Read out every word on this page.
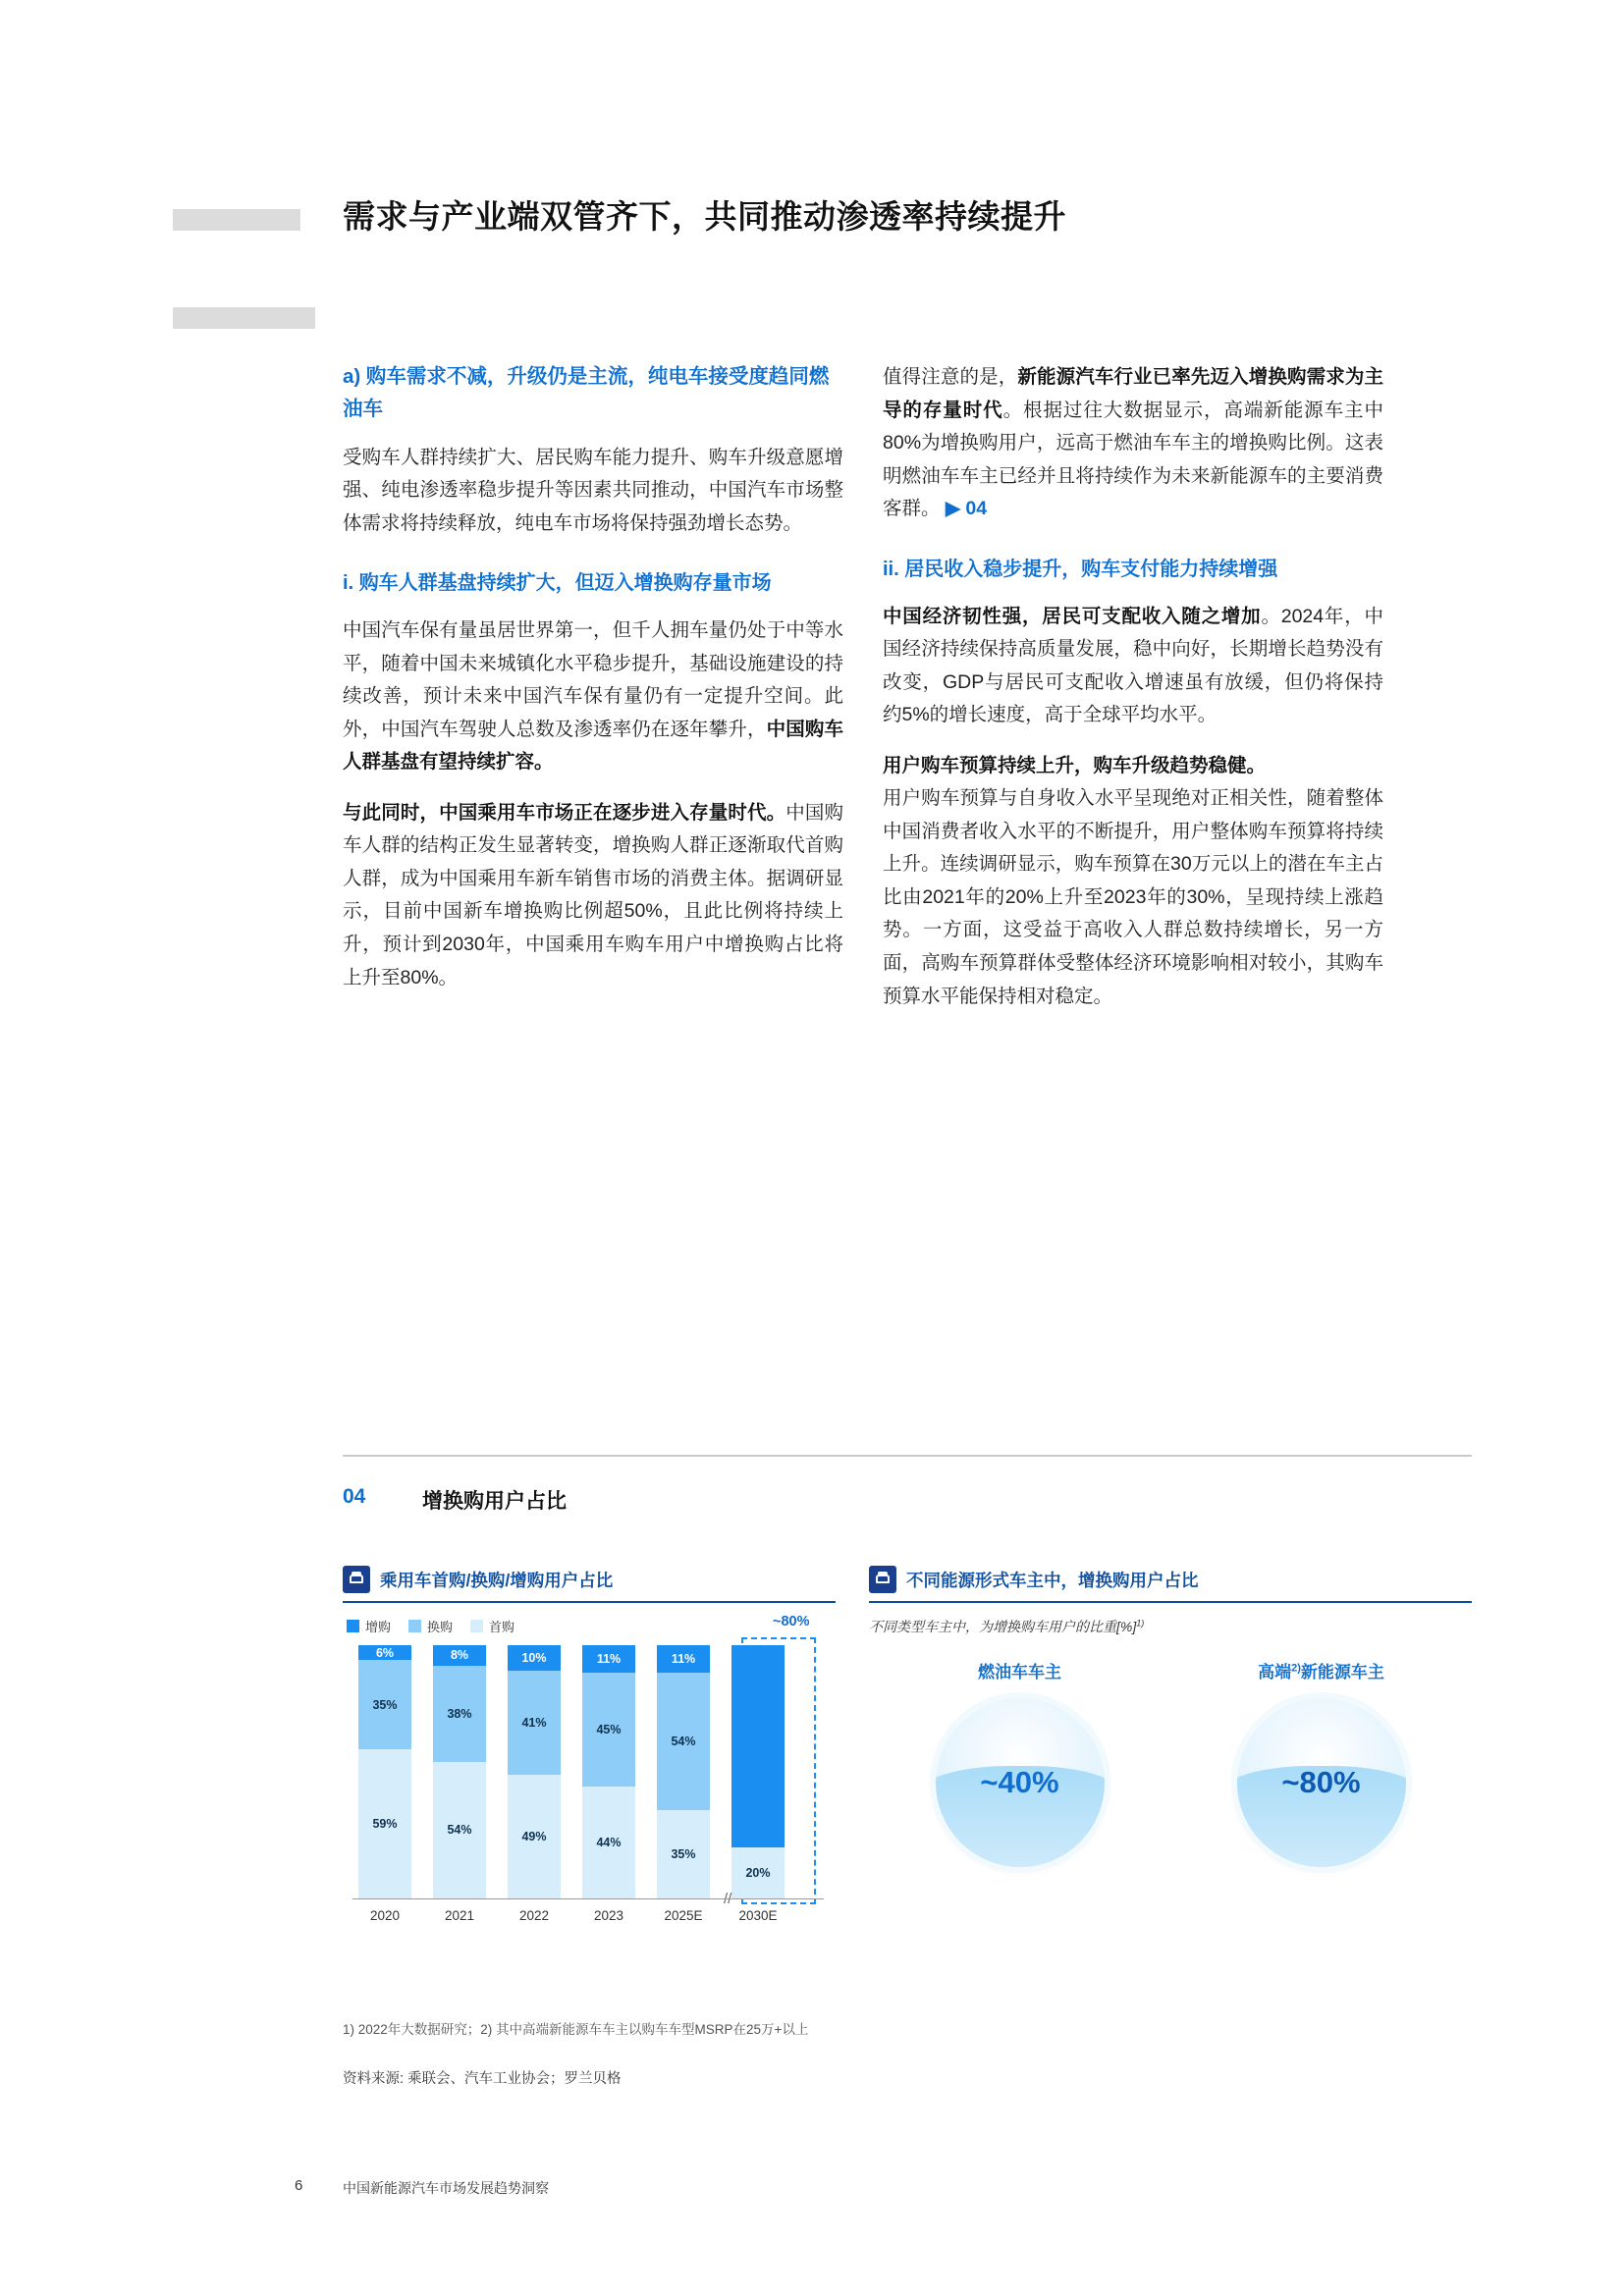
需求与产业端双管齐下，共同推动渗透率持续提升
a) 购车需求不减，升级仍是主流，纯电车接受度趋同燃油车

受购车人群持续扩大、居民购车能力提升、购车升级意愿增强、纯电渗透率稳步提升等因素共同推动，中国汽车市场整体需求将持续释放，纯电车市场将保持强劲增长态势。

i. 购车人群基盘持续扩大，但迈入增换购存量市场

中国汽车保有量虽居世界第一，但千人拥车量仍处于中等水平，随着中国未来城镇化水平稳步提升，基础设施建设的持续改善，预计未来中国汽车保有量仍有一定提升空间。此外，中国汽车驾驶人总数及渗透率仍在逐年攀升，中国购车人群基盘有望持续扩容。

与此同时，中国乘用车市场正在逐步进入存量时代。中国购车人群的结构正发生显著转变，增换购人群正逐渐取代首购人群，成为中国乘用车新车销售市场的消费主体。据调研显示，目前中国新车增换购比例超50%，且此比例将持续上升，预计到2030年，中国乘用车购车用户中增换购占比将上升至80%。

值得注意的是，新能源汽车行业已率先迈入增换购需求为主导的存量时代。根据过往大数据显示，高端新能源车主中80%为增换购用户，远高于燃油车车主的增换购比例。这表明燃油车车主已经并且将持续作为未来新能源车的主要消费客群。 ▶ 04

ii. 居民收入稳步提升，购车支付能力持续增强

中国经济韧性强，居民可支配收入随之增加。2024年，中国经济持续保持高质量发展，稳中向好，长期增长趋势没有改变，GDP与居民可支配收入增速虽有放缓，但仍将保持约5%的增长速度，高于全球平均水平。

用户购车预算持续上升，购车升级趋势稳健。
用户购车预算与自身收入水平呈现绝对正相关性，随着整体中国消费者收入水平的不断提升，用户整体购车预算将持续上升。连续调研显示，购车预算在30万元以上的潜在车主占比由2021年的20%上升至2023年的30%，呈现持续上涨趋势。一方面，这受益于高收入人群总数持续增长，另一方面，高购车预算群体受整体经济环境影响相对较小，其购车预算水平能保持相对稳定。

04	增换购用户占比
乘用车首购/换购/增购用户占比
增购	换购	首购	~80%
6%
35%
59%
8%
38%
54%
10%
41%
49%
11%
45%
44%
11%
54%
35%
20%
2020	2021	2022	2023	2025E	2030E
不同能源形式车主中，增换购用户占比
不同类型车主中，为增换购车用户的比重[%]$^{1)}$
燃油车车主
~40%
高端$^{2)}$新能源车主
~80%
1) 2022年大数据研究；2) 其中高端新能源车车主以购车车型MSRP在25万+以上
资料来源: 乘联会、汽车工业协会；罗兰贝格
6	中国新能源汽车市场发展趋势洞察
